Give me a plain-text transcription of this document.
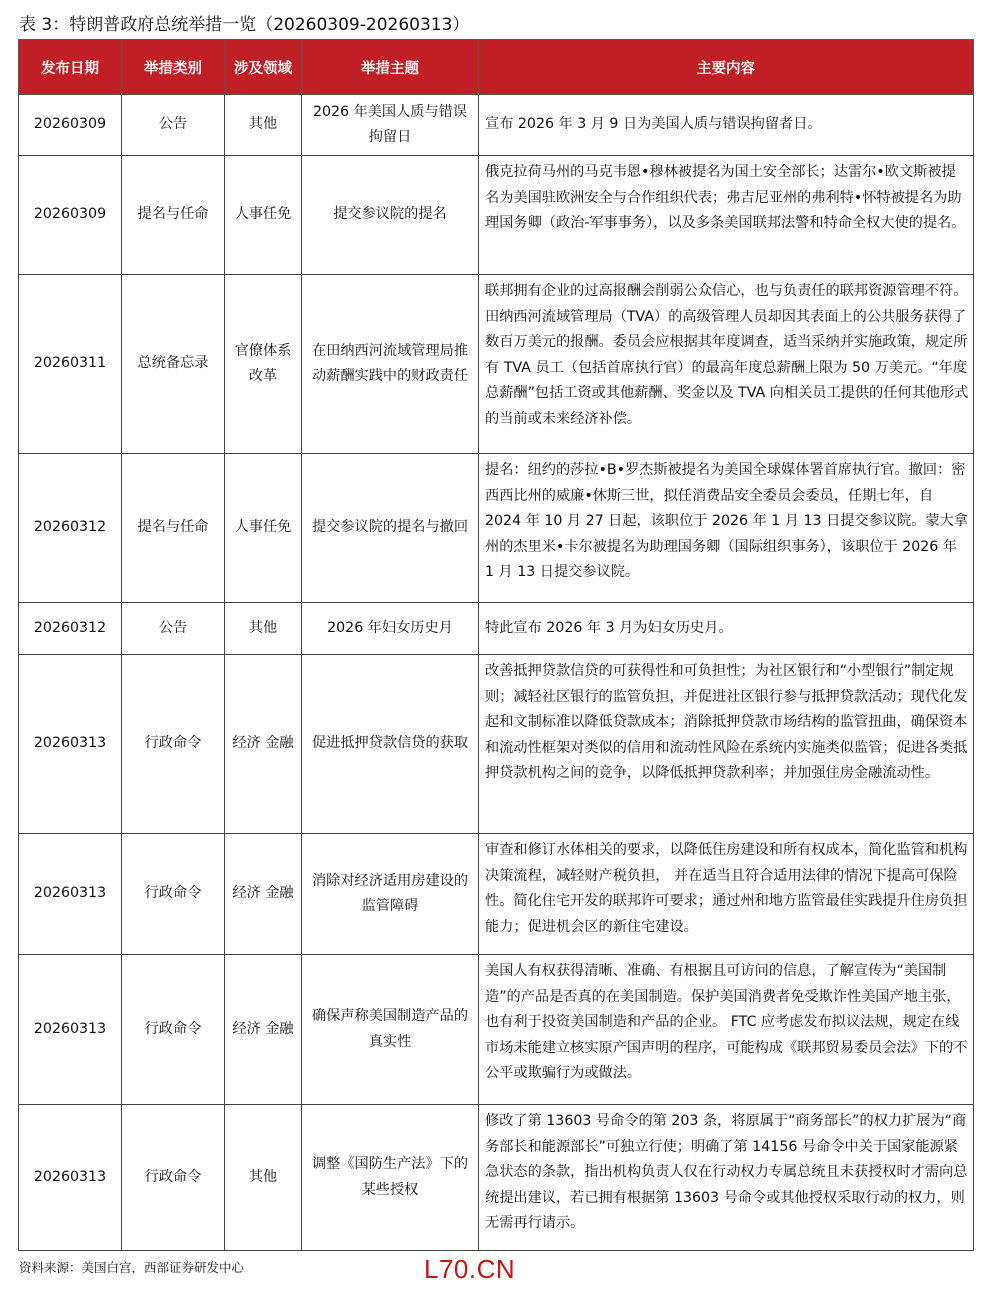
表 3：特朗普政府总统举措一览（20260309-20260313）
发布日期	举措类别	涉及领域	举措主题	主要内容
20260309	公告	其他	2026 年美国人质与错误拘留日	宣布 2026 年 3 月 9 日为美国人质与错误拘留者日。
20260309	提名与任命	人事任免	提交参议院的提名	俄克拉荷马州的马克韦恩•穆林被提名为国土安全部长；达雷尔•欧文斯被提名为美国驻欧洲安全与合作组织代表；弗吉尼亚州的弗利特•怀特被提名为助理国务卿（政治-军事事务），以及多条美国联邦法警和特命全权大使的提名。
20260311	总统备忘录	官僚体系改革	在田纳西河流域管理局推动薪酬实践中的财政责任	联邦拥有企业的过高报酬会削弱公众信心，也与负责任的联邦资源管理不符。田纳西河流域管理局（TVA）的高级管理人员却因其表面上的公共服务获得了数百万美元的报酬。委员会应根据其年度调查，适当采纳并实施政策，规定所有 TVA 员工（包括首席执行官）的最高年度总薪酬上限为 50 万美元。“年度总薪酬”包括工资或其他薪酬、奖金以及 TVA 向相关员工提供的任何其他形式的当前或未来经济补偿。
20260312	提名与任命	人事任免	提交参议院的提名与撤回	提名：纽约的莎拉•B•罗杰斯被提名为美国全球媒体署首席执行官。撤回：密西西比州的威廉•休斯三世，拟任消费品安全委员会委员，任期七年，自 2024 年 10 月 27 日起，该职位于 2026 年 1 月 13 日提交参议院。蒙大拿州的杰里米•卡尔被提名为助理国务卿（国际组织事务），该职位于 2026 年 1 月 13 日提交参议院。
20260312	公告	其他	2026 年妇女历史月	特此宣布 2026 年 3 月为妇女历史月。
20260313	行政命令	经济 金融	促进抵押贷款信贷的获取	改善抵押贷款信贷的可获得性和可负担性；为社区银行和“小型银行”制定规则；减轻社区银行的监管负担，并促进社区银行参与抵押贷款活动；现代化发起和文制标准以降低贷款成本；消除抵押贷款市场结构的监管扭曲，确保资本和流动性框架对类似的信用和流动性风险在系统内实施类似监管；促进各类抵押贷款机构之间的竞争，以降低抵押贷款利率；并加强住房金融流动性。
20260313	行政命令	经济 金融	消除对经济适用房建设的监管障碍	审查和修订水体相关的要求，以降低住房建设和所有权成本，简化监管和机构决策流程，减轻财产税负担， 并在适当且符合适用法律的情况下提高可保险性。简化住宅开发的联邦许可要求；通过州和地方监管最佳实践提升住房负担能力；促进机会区的新住宅建设。
20260313	行政命令	经济 金融	确保声称美国制造产品的真实性	美国人有权获得清晰、准确、有根据且可访问的信息，了解宣传为“美国制造”的产品是否真的在美国制造。保护美国消费者免受欺诈性美国产地主张，也有利于投资美国制造和产品的企业。 FTC 应考虑发布拟议法规，规定在线市场未能建立核实原产国声明的程序，可能构成《联邦贸易委员会法》下的不公平或欺骗行为或做法。
20260313	行政命令	其他	调整《国防生产法》下的某些授权	修改了第 13603 号命令的第 203 条，将原属于“商务部长”的权力扩展为“商务部长和能源部长”可独立行使；明确了第 14156 号命令中关于国家能源紧急状态的条款，指出机构负责人仅在行动权力专属总统且未获授权时才需向总统提出建议，若已拥有根据第 13603 号命令或其他授权采取行动的权力，则无需再行请示。
资料来源：美国白宫，西部证券研发中心	L70.CN
